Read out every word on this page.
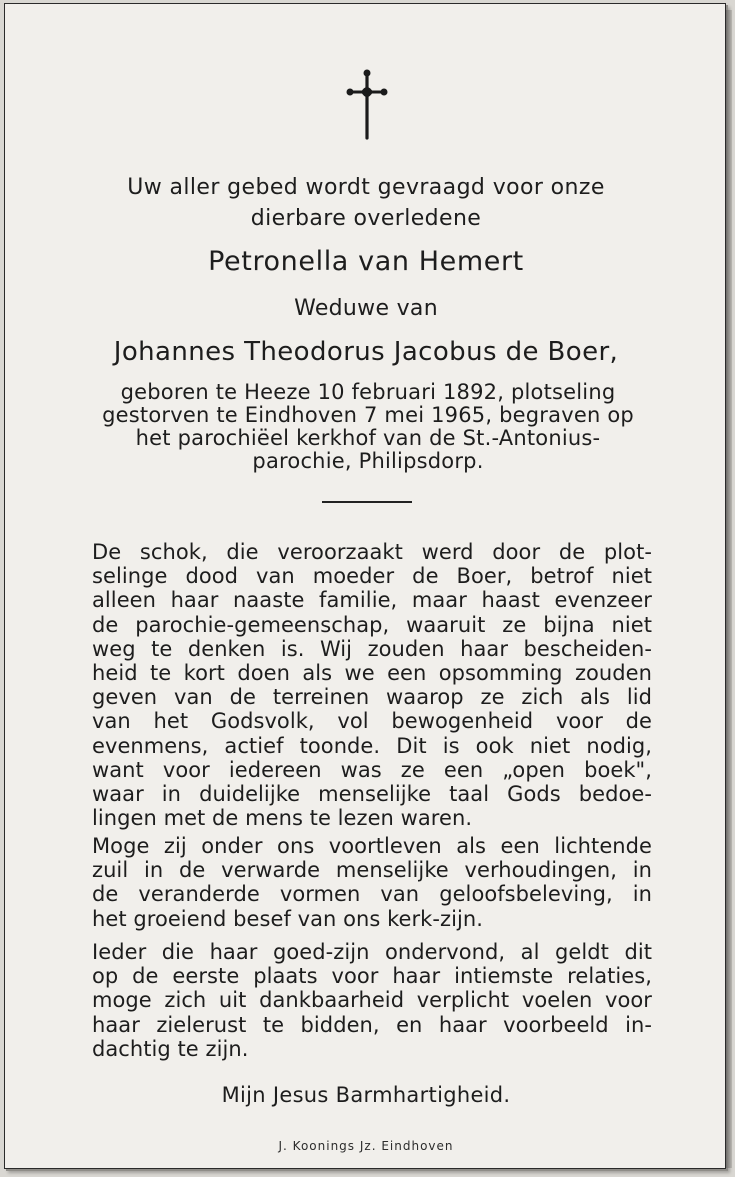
Uw aller gebed wordt gevraagd voor onze
dierbare overledene
Petronella van Hemert
Weduwe van
Johannes Theodorus Jacobus de Boer,
geboren te Heeze 10 februari 1892, plotseling
gestorven te Eindhoven 7 mei 1965, begraven op
het parochiëel kerkhof van de St.-Antonius-
parochie, Philipsdorp.
De schok, die veroorzaakt werd door de plot-
selinge dood van moeder de Boer, betrof niet
alleen haar naaste familie, maar haast evenzeer
de parochie-gemeenschap, waaruit ze bijna niet
weg te denken is. Wij zouden haar bescheiden-
heid te kort doen als we een opsomming zouden
geven van de terreinen waarop ze zich als lid
van het Godsvolk, vol bewogenheid voor de
evenmens, actief toonde. Dit is ook niet nodig,
want voor iedereen was ze een „open boek",
waar in duidelijke menselijke taal Gods bedoe-
lingen met de mens te lezen waren.
Moge zij onder ons voortleven als een lichtende
zuil in de verwarde menselijke verhoudingen, in
de veranderde vormen van geloofsbeleving, in
het groeiend besef van ons kerk-zijn.
Ieder die haar goed-zijn ondervond, al geldt dit
op de eerste plaats voor haar intiemste relaties,
moge zich uit dankbaarheid verplicht voelen voor
haar zielerust te bidden, en haar voorbeeld in-
dachtig te zijn.
Mijn Jesus Barmhartigheid.
J. Koonings Jz. Eindhoven
